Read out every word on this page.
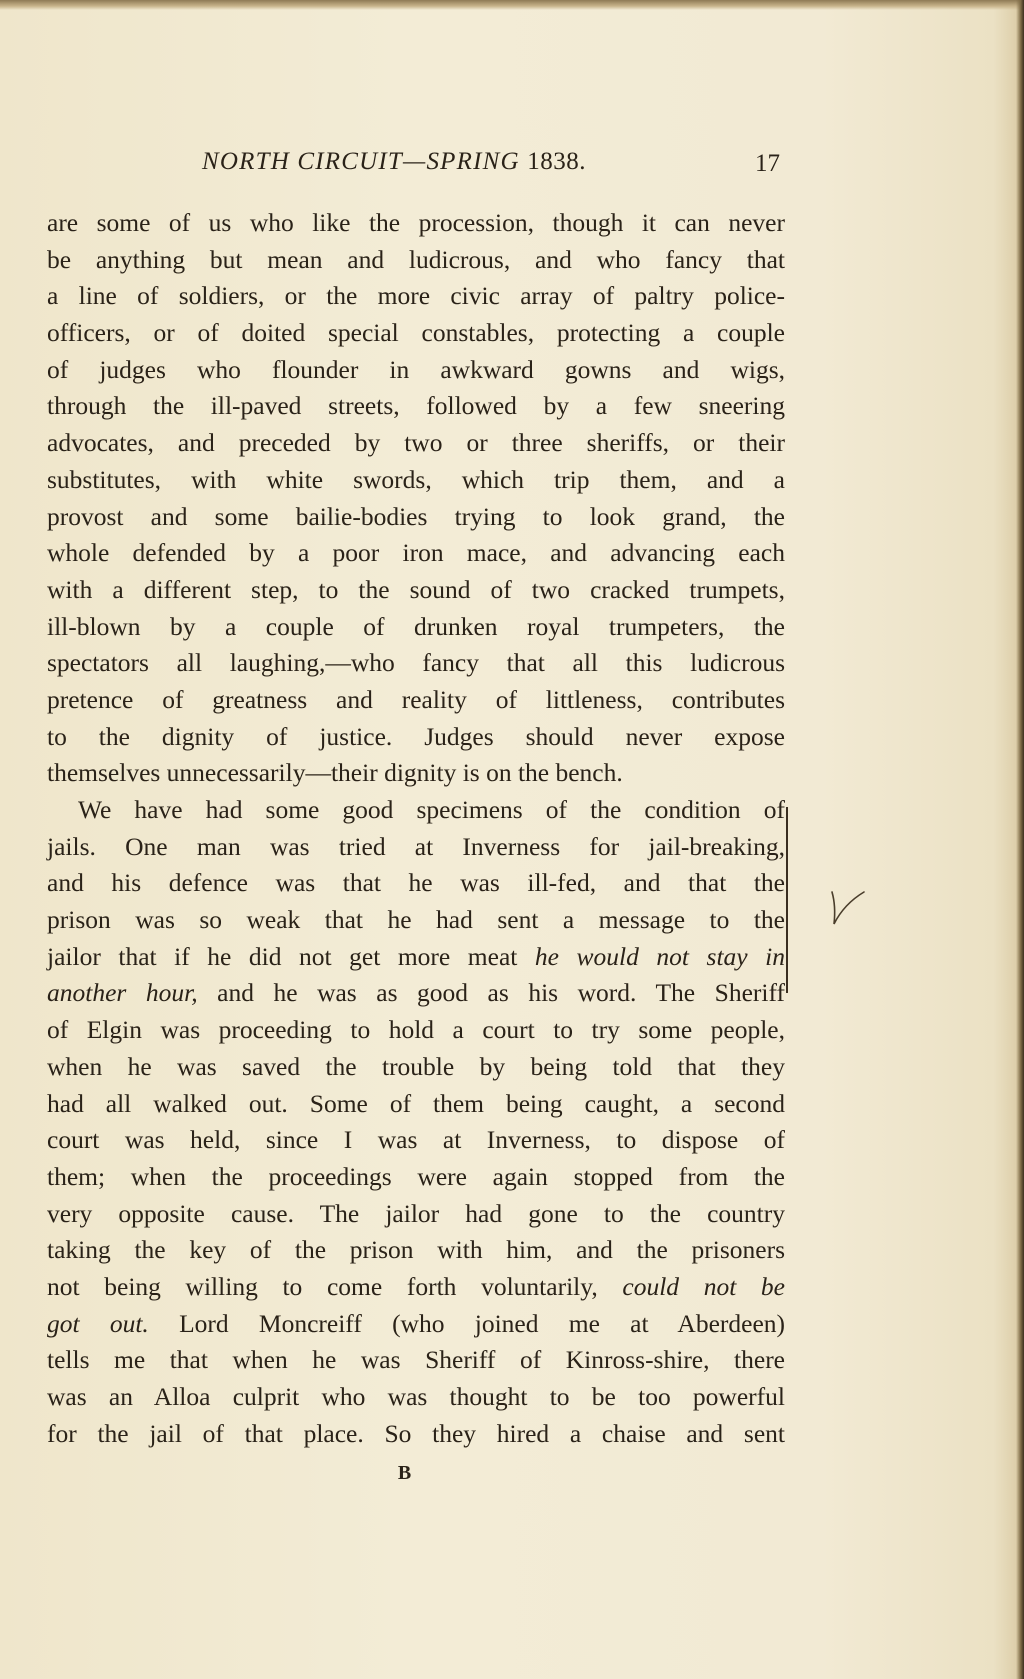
NORTH CIRCUIT—SPRING 1838.	17
are some of us who like the procession, though it can never
be anything but mean and ludicrous, and who fancy that
a line of soldiers, or the more civic array of paltry police-
officers, or of doited special constables, protecting a couple
of judges who flounder in awkward gowns and wigs,
through the ill-paved streets, followed by a few sneering
advocates, and preceded by two or three sheriffs, or their
substitutes, with white swords, which trip them, and a
provost and some bailie-bodies trying to look grand, the
whole defended by a poor iron mace, and advancing each
with a different step, to the sound of two cracked trumpets,
ill-blown by a couple of drunken royal trumpeters, the
spectators all laughing,—who fancy that all this ludicrous
pretence of greatness and reality of littleness, contributes
to the dignity of justice. Judges should never expose
themselves unnecessarily—their dignity is on the bench.
We have had some good specimens of the condition of
jails. One man was tried at Inverness for jail-breaking,
and his defence was that he was ill-fed, and that the
prison was so weak that he had sent a message to the
jailor that if he did not get more meat he would not stay in
another hour, and he was as good as his word. The Sheriff
of Elgin was proceeding to hold a court to try some people,
when he was saved the trouble by being told that they
had all walked out. Some of them being caught, a second
court was held, since I was at Inverness, to dispose of
them; when the proceedings were again stopped from the
very opposite cause. The jailor had gone to the country
taking the key of the prison with him, and the prisoners
not being willing to come forth voluntarily, could not be
got out. Lord Moncreiff (who joined me at Aberdeen)
tells me that when he was Sheriff of Kinross-shire, there
was an Alloa culprit who was thought to be too powerful
for the jail of that place. So they hired a chaise and sent
B
